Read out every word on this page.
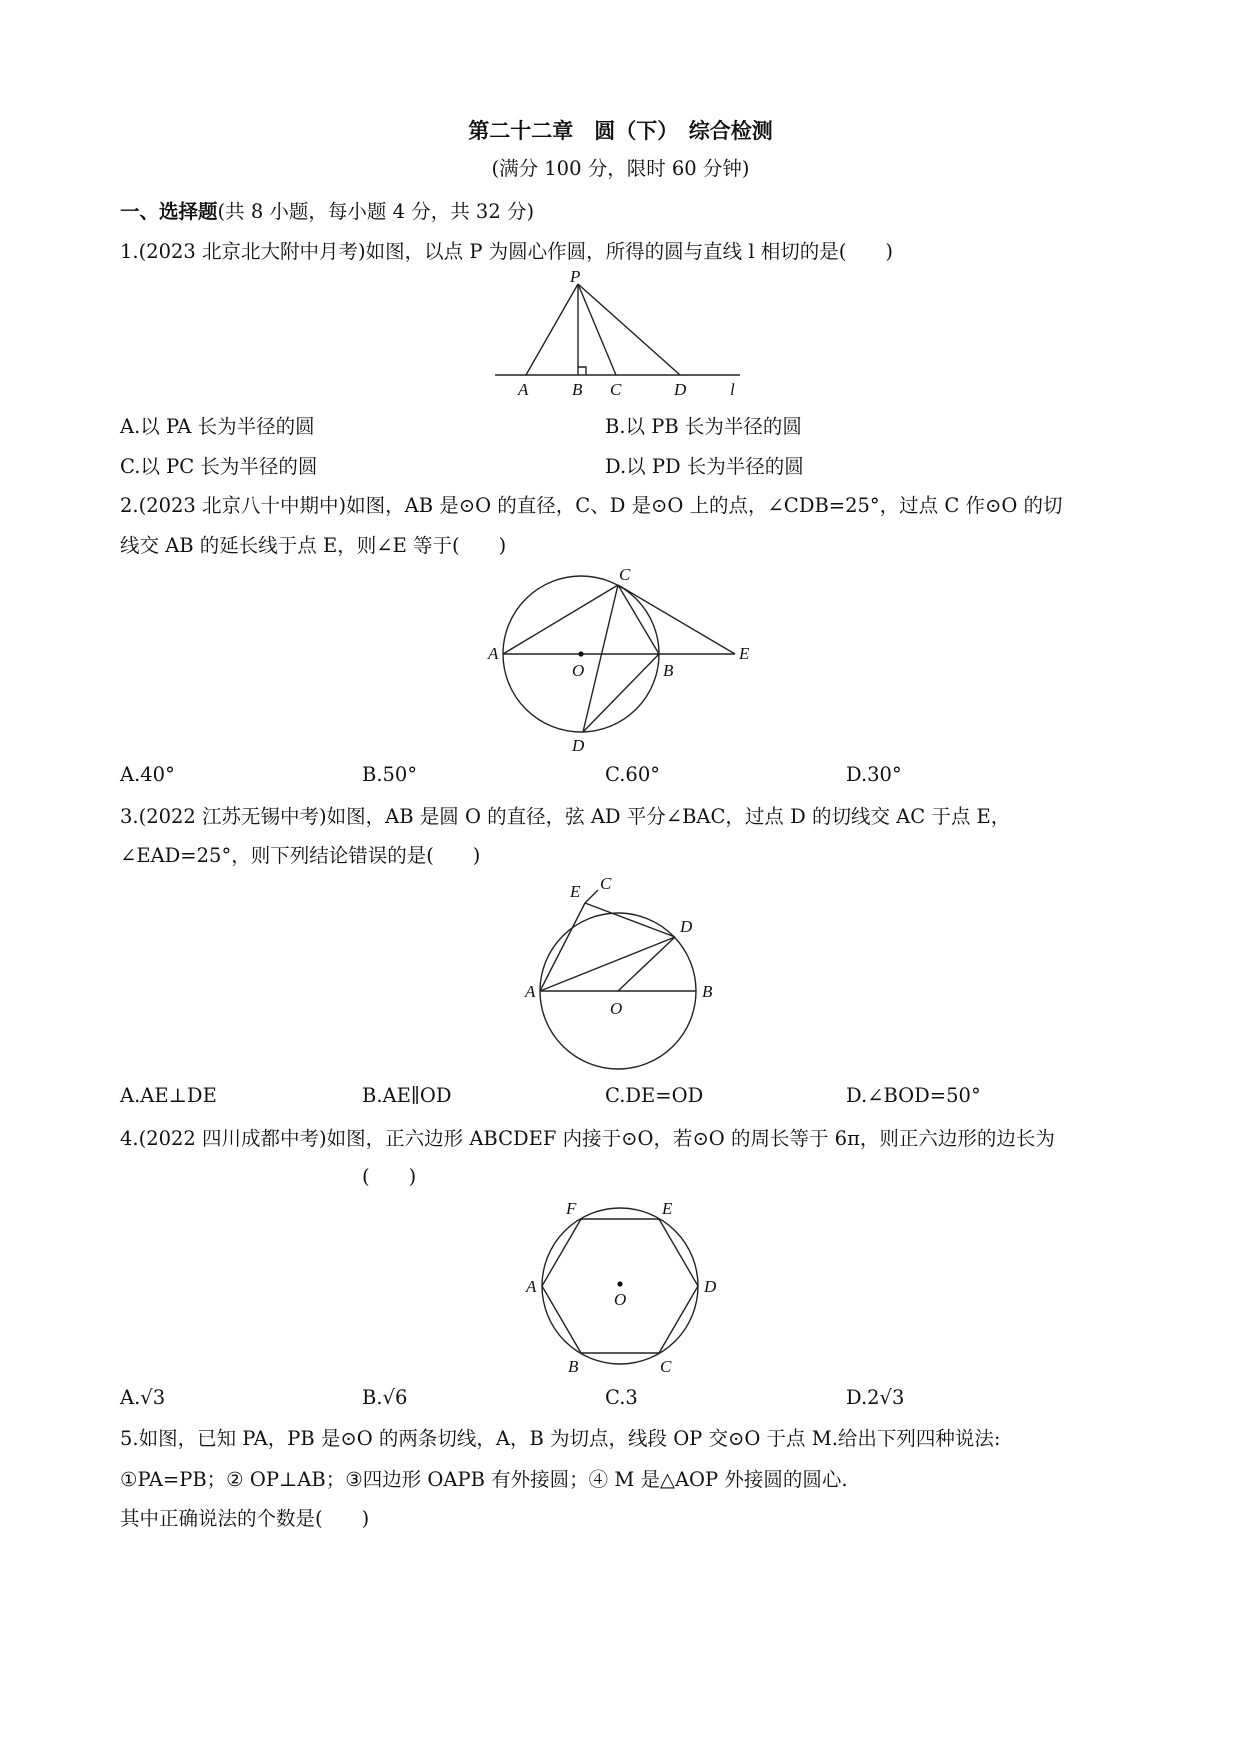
第二十二章　圆（下）　综合检测
(满分 100 分，限时 60 分钟)
一、选择题(共 8 小题，每小题 4 分，共 32 分)
1.(2023 北京北大附中月考)如图，以点 P 为圆心作圆，所得的圆与直线 l 相切的是(　　)
P
A	B C	D	l
A.以 PA 长为半径的圆	B.以 PB 长为半径的圆
C.以 PC 长为半径的圆	D.以 PD 长为半径的圆
2.(2023 北京八十中期中)如图，AB 是⊙O 的直径，C、D 是⊙O 上的点，∠CDB=25°，过点 C 作⊙O 的切
线交 AB 的延长线于点 E，则∠E 等于(　　)
A
O	B
C
D
E
A.40°	B.50°	C.60°	D.30°
3.(2022 江苏无锡中考)如图，AB 是圆 O 的直径，弦 AD 平分∠BAC，过点 D 的切线交 AC 于点 E，
∠EAD=25°，则下列结论错误的是(　　)
A
O
B
D
E C
A.AE⊥DE	B.AE∥OD	C.DE=OD	D.∠BOD=50°
4.(2022 四川成都中考)如图，正六边形 ABCDEF 内接于⊙O，若⊙O 的周长等于 6π，则正六边形的边长为
(　　)
F	E
A	D
O
B	C
A.√3	B.√6	C.3	D.2√3
5.如图，已知 PA，PB 是⊙O 的两条切线，A，B 为切点，线段 OP 交⊙O 于点 M.给出下列四种说法:
①PA=PB；② OP⊥AB；③四边形 OAPB 有外接圆；④ M 是△AOP 外接圆的圆心.
其中正确说法的个数是(　　)
